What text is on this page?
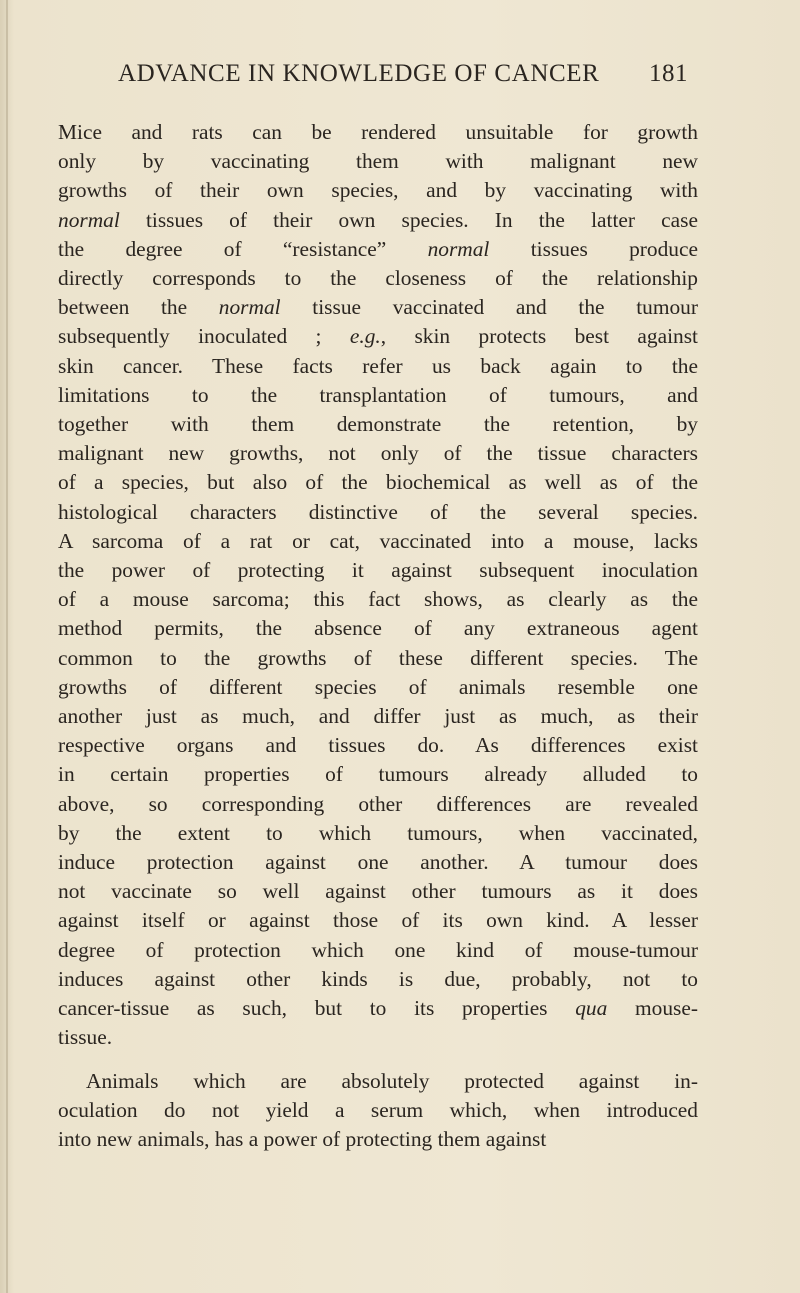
ADVANCE IN KNOWLEDGE OF CANCER 181
Mice and rats can be rendered unsuitable for growth
only by vaccinating them with malignant new
growths of their own species, and by vaccinating with
normal tissues of their own species. In the latter case
the degree of “resistance” normal tissues produce
directly corresponds to the closeness of the relationship
between the normal tissue vaccinated and the tumour
subsequently inoculated ; e.g., skin protects best against
skin cancer. These facts refer us back again to the
limitations to the transplantation of tumours, and
together with them demonstrate the retention, by
malignant new growths, not only of the tissue characters
of a species, but also of the biochemical as well as of the
histological characters distinctive of the several species.
A sarcoma of a rat or cat, vaccinated into a mouse, lacks
the power of protecting it against subsequent inoculation
of a mouse sarcoma; this fact shows, as clearly as the
method permits, the absence of any extraneous agent
common to the growths of these different species. The
growths of different species of animals resemble one
another just as much, and differ just as much, as their
respective organs and tissues do. As differences exist
in certain properties of tumours already alluded to
above, so corresponding other differences are revealed
by the extent to which tumours, when vaccinated,
induce protection against one another. A tumour does
not vaccinate so well against other tumours as it does
against itself or against those of its own kind. A lesser
degree of protection which one kind of mouse-tumour
induces against other kinds is due, probably, not to
cancer-tissue as such, but to its properties qua mouse-
tissue.
Animals which are absolutely protected against in-
oculation do not yield a serum which, when introduced
into new animals, has a power of protecting them against
